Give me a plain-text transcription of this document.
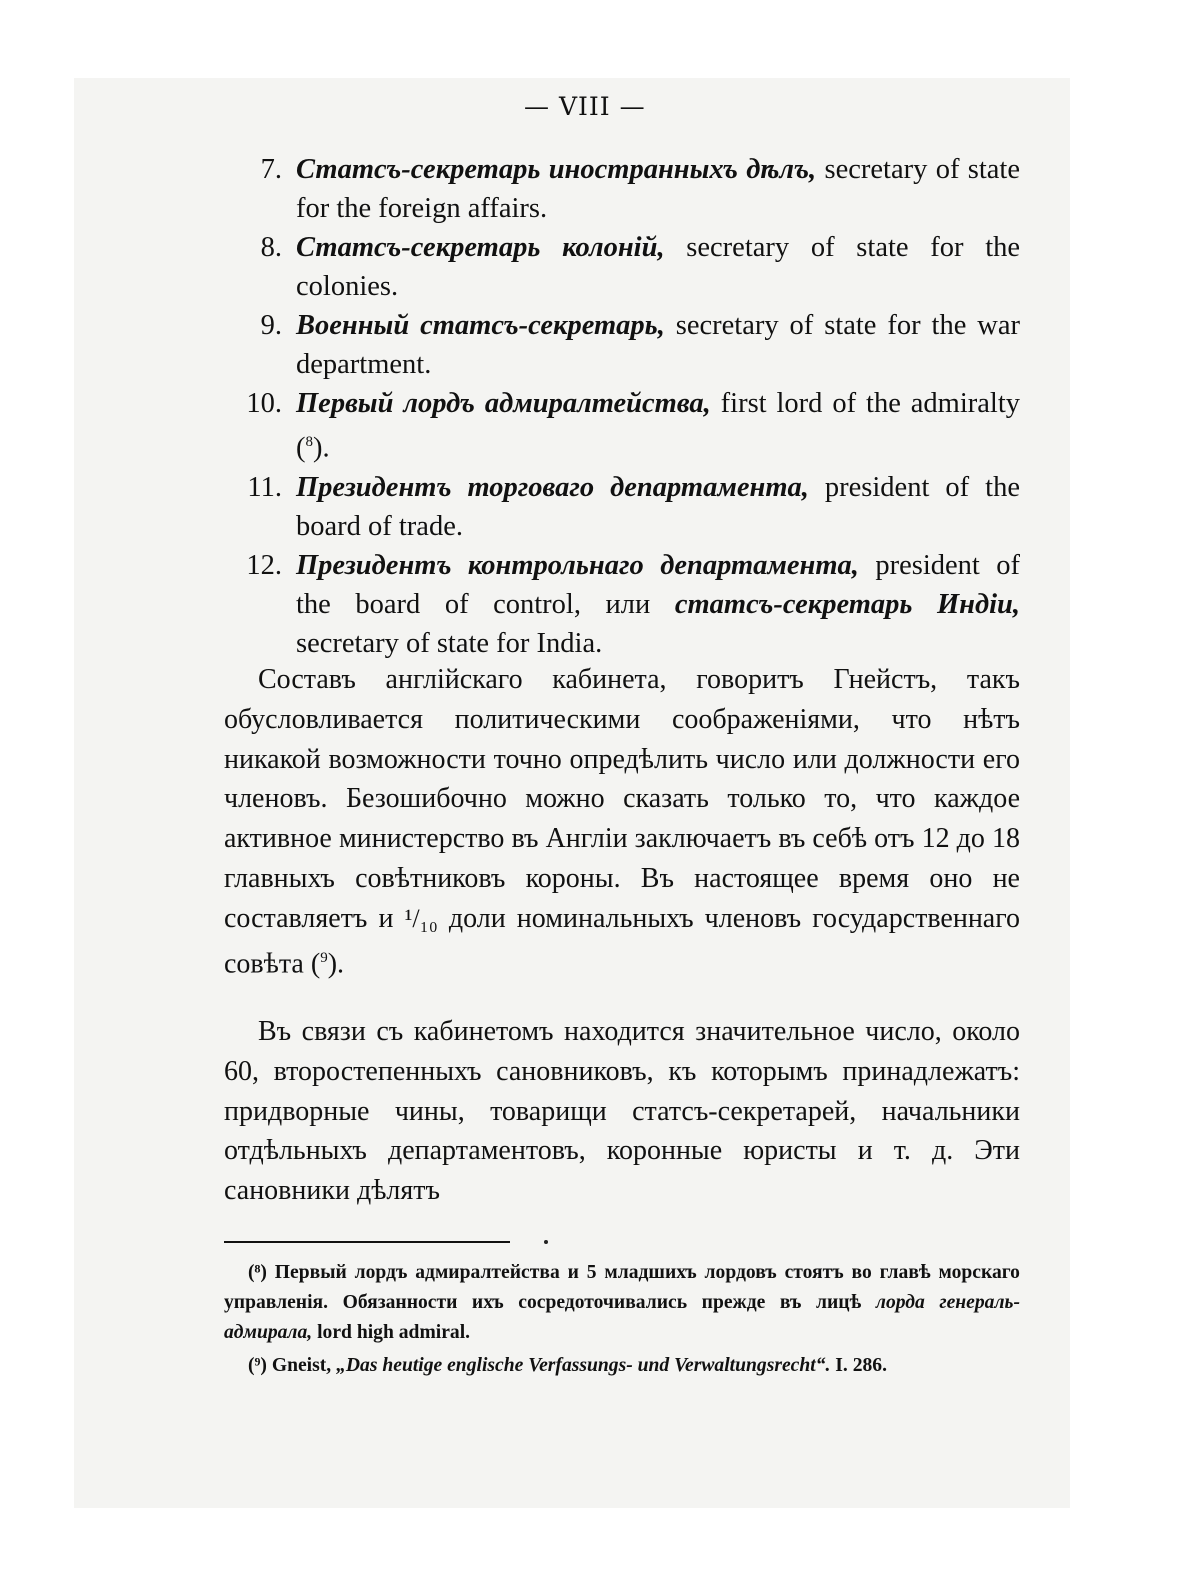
— VIII —
7. Статсъ-секретарь иностранныхъ дѣлъ, secretary of state for the foreign affairs.
8. Статсъ-секретарь колоній, secretary of state for the colonies.
9. Военный статсъ-секретарь, secretary of state for the war department.
10. Первый лордъ адмиралтейства, first lord of the admiralty ($^8$).
11. Президентъ торговаго департамента, president of the board of trade.
12. Президентъ контрольнаго департамента, president of the board of control, или статсъ-секретарь Индіи, secretary of state for India.

Составъ англійскаго кабинета, говоритъ Гнейстъ, такъ обусловливается политическими соображеніями, что нѣтъ никакой возможности точно опредѣлить число или должности его членовъ. Безошибочно можно сказать только то, что каждое активное министерство въ Англіи заключаетъ въ себѣ отъ 12 до 18 главныхъ совѣтниковъ короны. Въ настоящее время оно не составляетъ и ¹/₁₀ доли номинальныхъ членовъ государственнаго совѣта ($^9$).

Въ связи съ кабинетомъ находится значительное число, около 60, второстепенныхъ сановниковъ, къ которымъ принадлежатъ: придворные чины, товарищи статсъ-секретарей, начальники отдѣльныхъ департаментовъ, коронные юристы и т. д. Эти сановники дѣлятъ

(⁸) Первый лордъ адмиралтейства и 5 младшихъ лордовъ стоятъ во главѣ морскаго управленія. Обязанности ихъ сосредоточивались прежде въ лицѣ лорда генераль-адмирала, lord high admiral.

(⁹) Gneist, „Das heutige englische Verfassungs- und Verwaltungsrecht“. I. 286.
